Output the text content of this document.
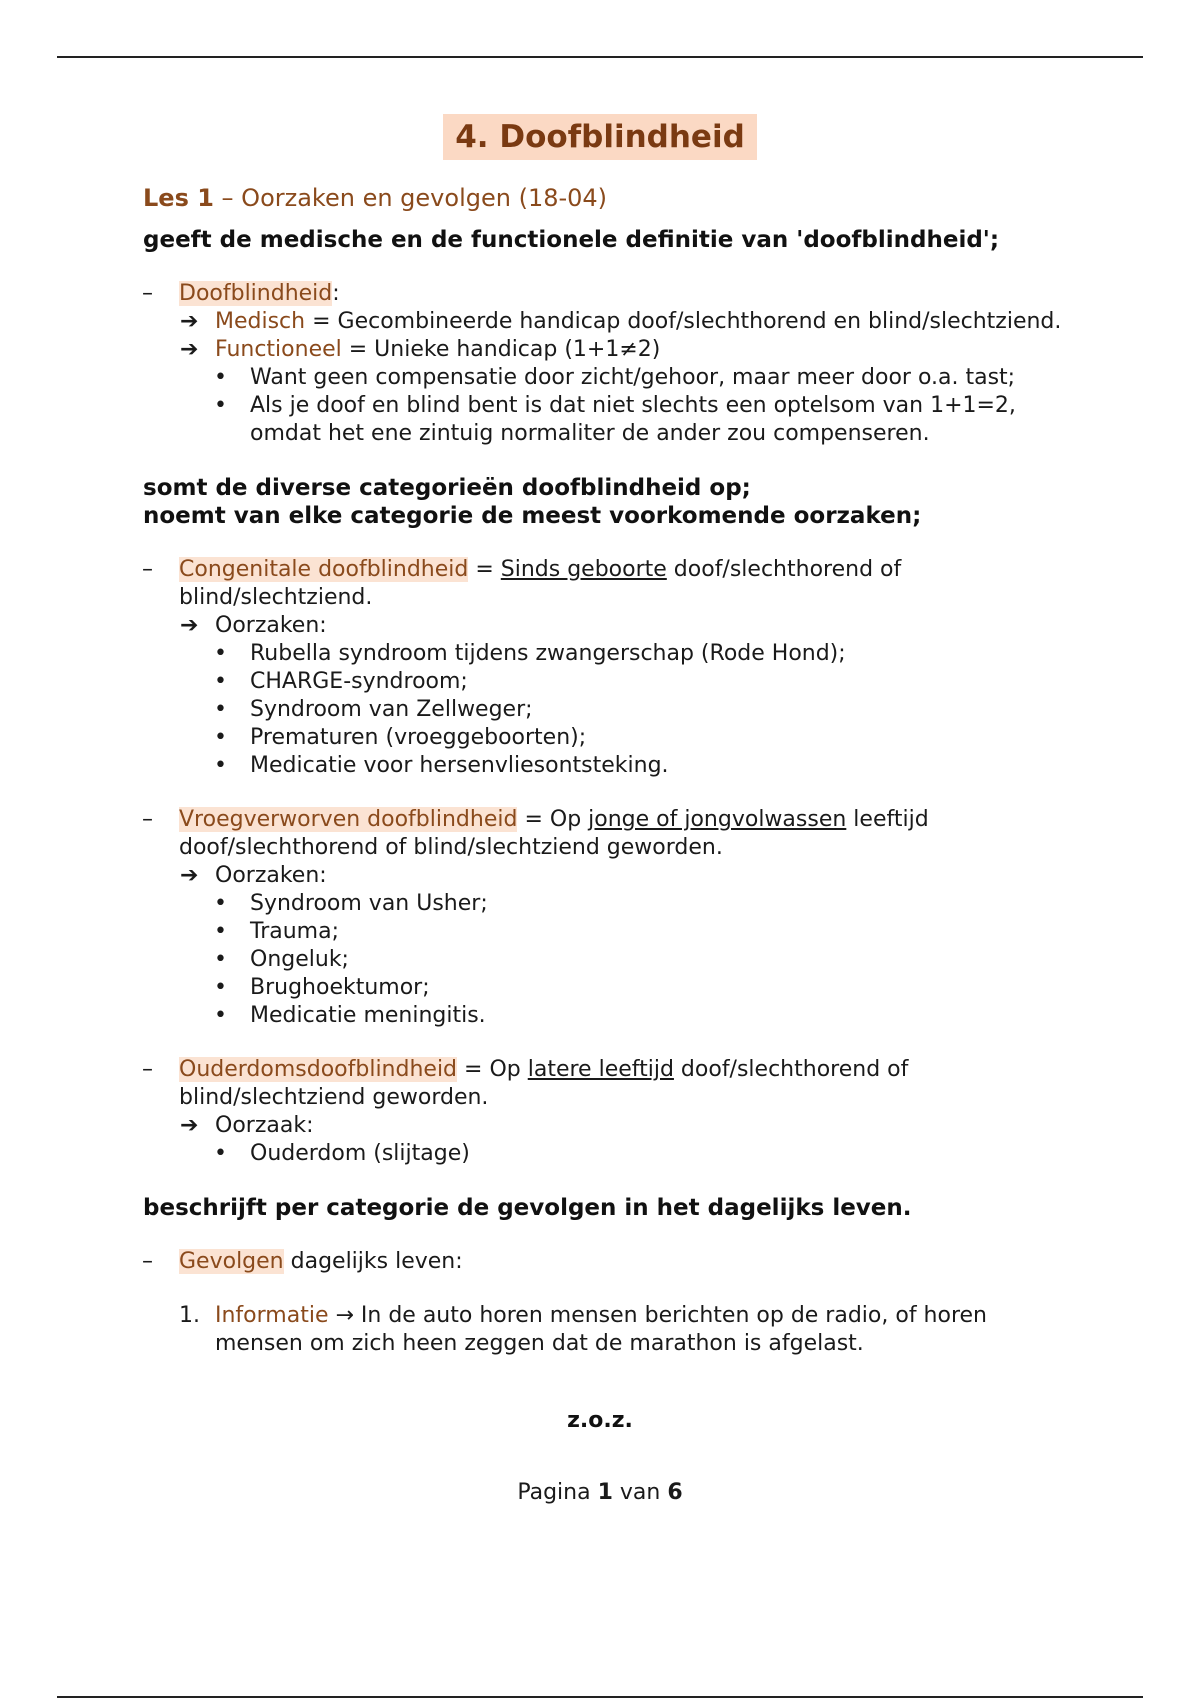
4. Doofblindheid
Les 1 – Oorzaken en gevolgen (18-04)
geeft de medische en de functionele definitie van 'doofblindheid';
– Doofblindheid:
➔ Medisch = Gecombineerde handicap doof/slechthorend en blind/slechtziend.
➔ Functioneel = Unieke handicap (1+1≠2)
• Want geen compensatie door zicht/gehoor, maar meer door o.a. tast;
• Als je doof en blind bent is dat niet slechts een optelsom van 1+1=2,
omdat het ene zintuig normaliter de ander zou compenseren.
somt de diverse categorieën doofblindheid op;
noemt van elke categorie de meest voorkomende oorzaken;
– Congenitale doofblindheid = Sinds geboorte doof/slechthorend of
blind/slechtziend.
➔ Oorzaken:
• Rubella syndroom tijdens zwangerschap (Rode Hond);
• CHARGE-syndroom;
• Syndroom van Zellweger;
• Prematuren (vroeggeboorten);
• Medicatie voor hersenvliesontsteking.
– Vroegverworven doofblindheid = Op jonge of jongvolwassen leeftijd
doof/slechthorend of blind/slechtziend geworden.
➔ Oorzaken:
• Syndroom van Usher;
• Trauma;
• Ongeluk;
• Brughoektumor;
• Medicatie meningitis.
– Ouderdomsdoofblindheid = Op latere leeftijd doof/slechthorend of
blind/slechtziend geworden.
➔ Oorzaak:
• Ouderdom (slijtage)
beschrijft per categorie de gevolgen in het dagelijks leven.
– Gevolgen dagelijks leven:
1. Informatie → In de auto horen mensen berichten op de radio, of horen
mensen om zich heen zeggen dat de marathon is afgelast.
z.o.z.
Pagina 1 van 6
